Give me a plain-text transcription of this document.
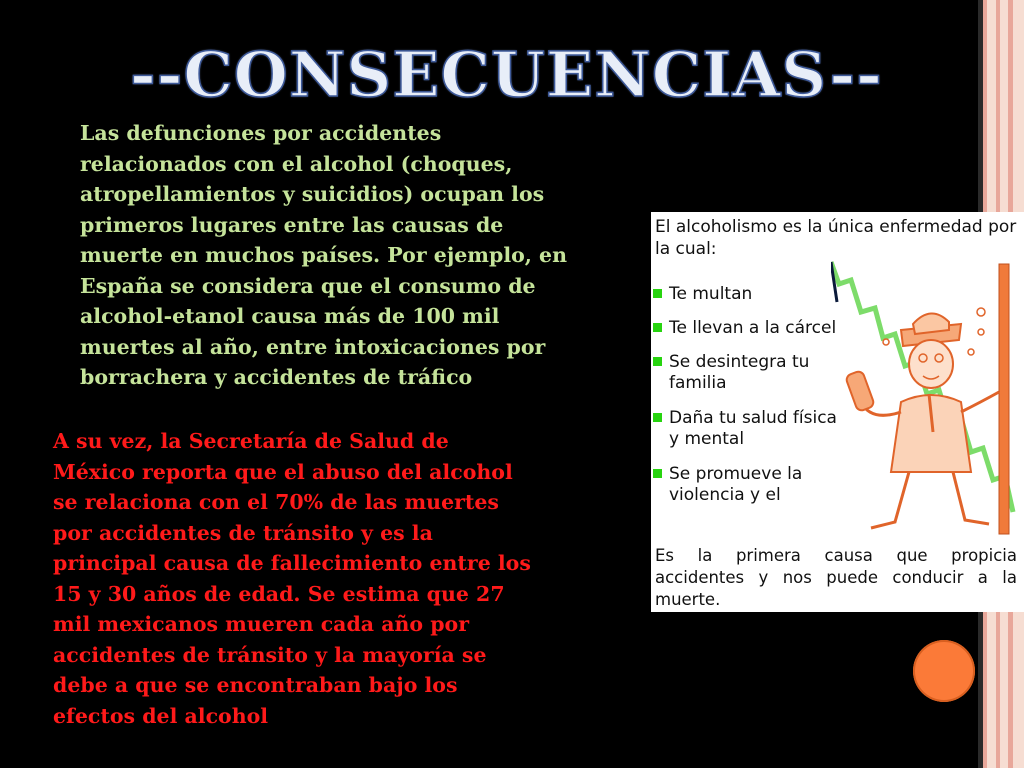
--CONSECUENCIAS--

Las defunciones por accidentes relacionados con el alcohol (choques, atropellamientos y suicidios) ocupan los primeros lugares entre las causas de muerte en muchos países. Por ejemplo, en España se considera que el consumo de alcohol-etanol causa más de 100 mil muertes al año, entre intoxicaciones por borrachera y accidentes de tráfico

A su vez, la Secretaría de Salud de México reporta que el abuso del alcohol se relaciona con el 70% de las muertes por accidentes de tránsito y es la principal causa de fallecimiento entre los 15 y 30 años de edad. Se estima que 27 mil mexicanos mueren cada año por accidentes de tránsito y la mayoría se debe a que se encontraban bajo los efectos del alcohol

El alcoholismo es la única enfermedad por la cual:

Te multan
Te llevan a la cárcel
Se desintegra tu familia
Daña tu salud física y mental
Se promueve la violencia y el

Es la primera causa que propicia accidentes y nos puede conducir a la muerte.
